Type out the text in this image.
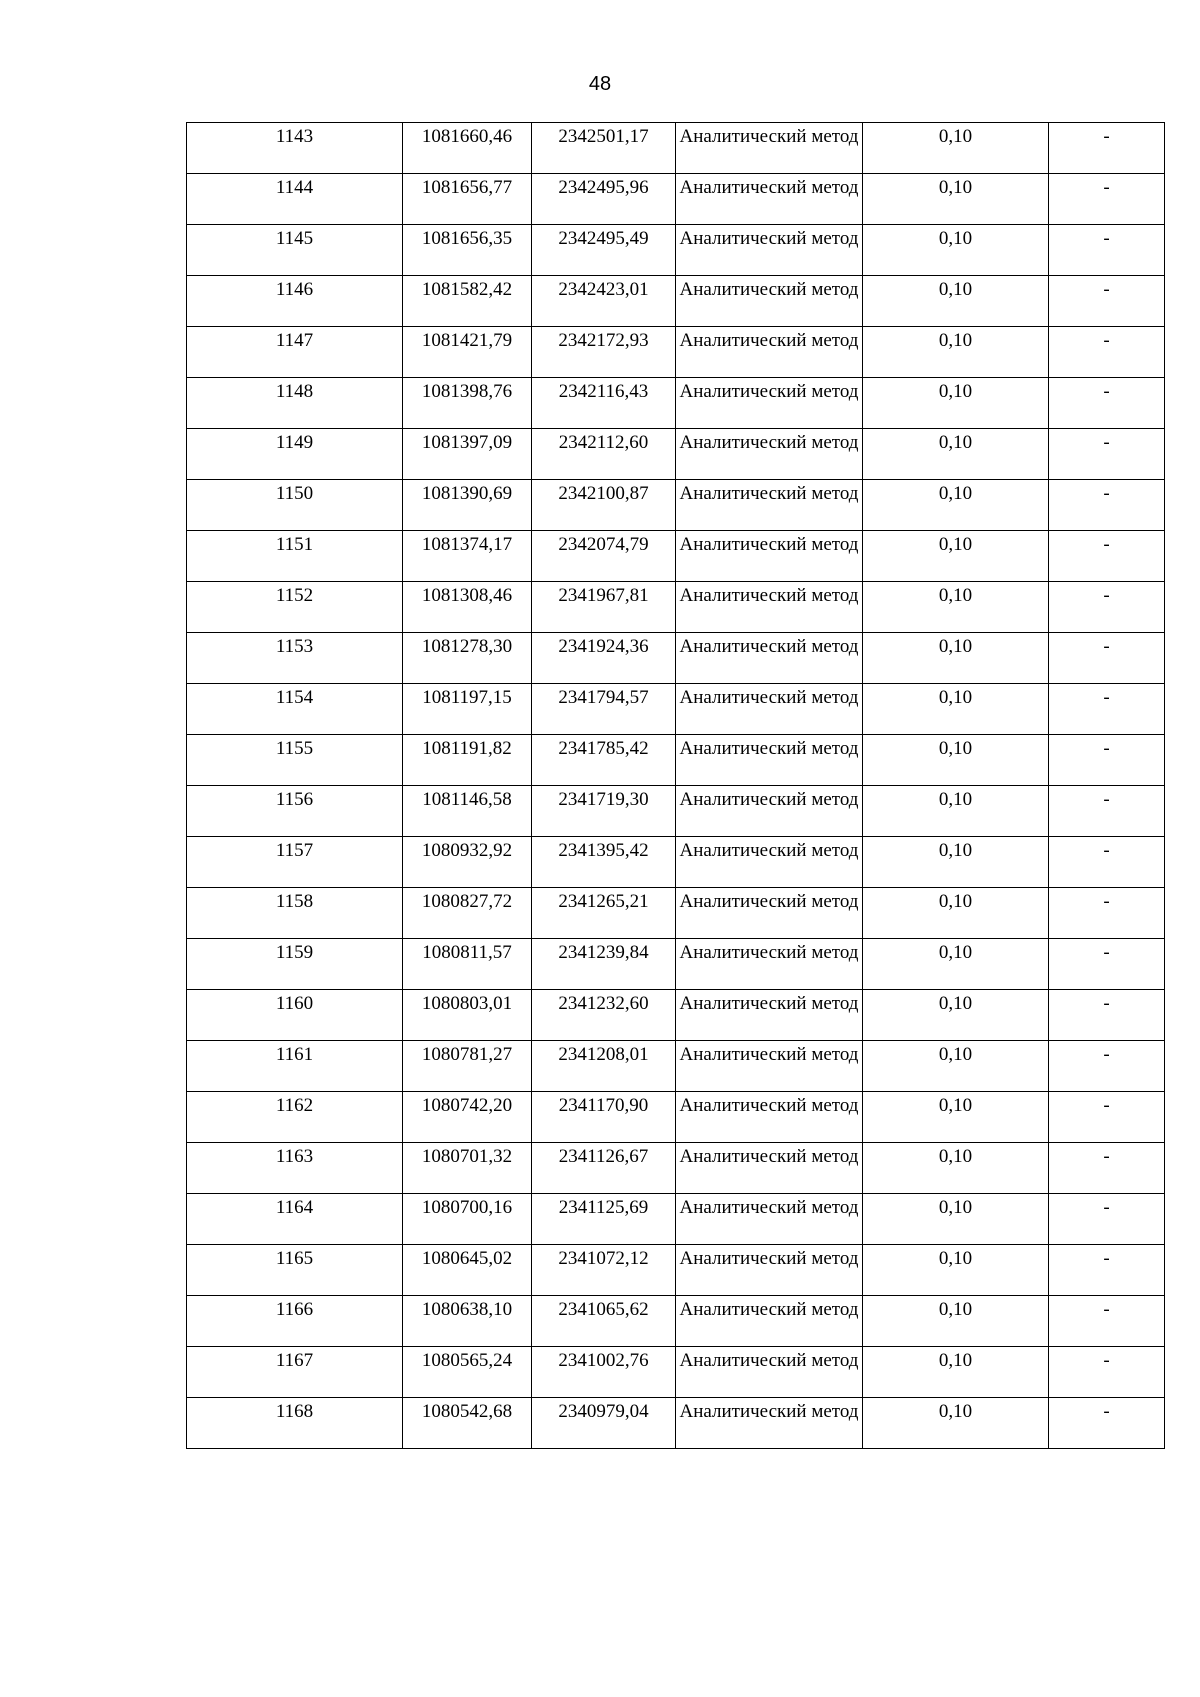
48
1143	1081660,46	2342501,17	Аналитический метод	0,10	-
1144	1081656,77	2342495,96	Аналитический метод	0,10	-
1145	1081656,35	2342495,49	Аналитический метод	0,10	-
1146	1081582,42	2342423,01	Аналитический метод	0,10	-
1147	1081421,79	2342172,93	Аналитический метод	0,10	-
1148	1081398,76	2342116,43	Аналитический метод	0,10	-
1149	1081397,09	2342112,60	Аналитический метод	0,10	-
1150	1081390,69	2342100,87	Аналитический метод	0,10	-
1151	1081374,17	2342074,79	Аналитический метод	0,10	-
1152	1081308,46	2341967,81	Аналитический метод	0,10	-
1153	1081278,30	2341924,36	Аналитический метод	0,10	-
1154	1081197,15	2341794,57	Аналитический метод	0,10	-
1155	1081191,82	2341785,42	Аналитический метод	0,10	-
1156	1081146,58	2341719,30	Аналитический метод	0,10	-
1157	1080932,92	2341395,42	Аналитический метод	0,10	-
1158	1080827,72	2341265,21	Аналитический метод	0,10	-
1159	1080811,57	2341239,84	Аналитический метод	0,10	-
1160	1080803,01	2341232,60	Аналитический метод	0,10	-
1161	1080781,27	2341208,01	Аналитический метод	0,10	-
1162	1080742,20	2341170,90	Аналитический метод	0,10	-
1163	1080701,32	2341126,67	Аналитический метод	0,10	-
1164	1080700,16	2341125,69	Аналитический метод	0,10	-
1165	1080645,02	2341072,12	Аналитический метод	0,10	-
1166	1080638,10	2341065,62	Аналитический метод	0,10	-
1167	1080565,24	2341002,76	Аналитический метод	0,10	-
1168	1080542,68	2340979,04	Аналитический метод	0,10	-
